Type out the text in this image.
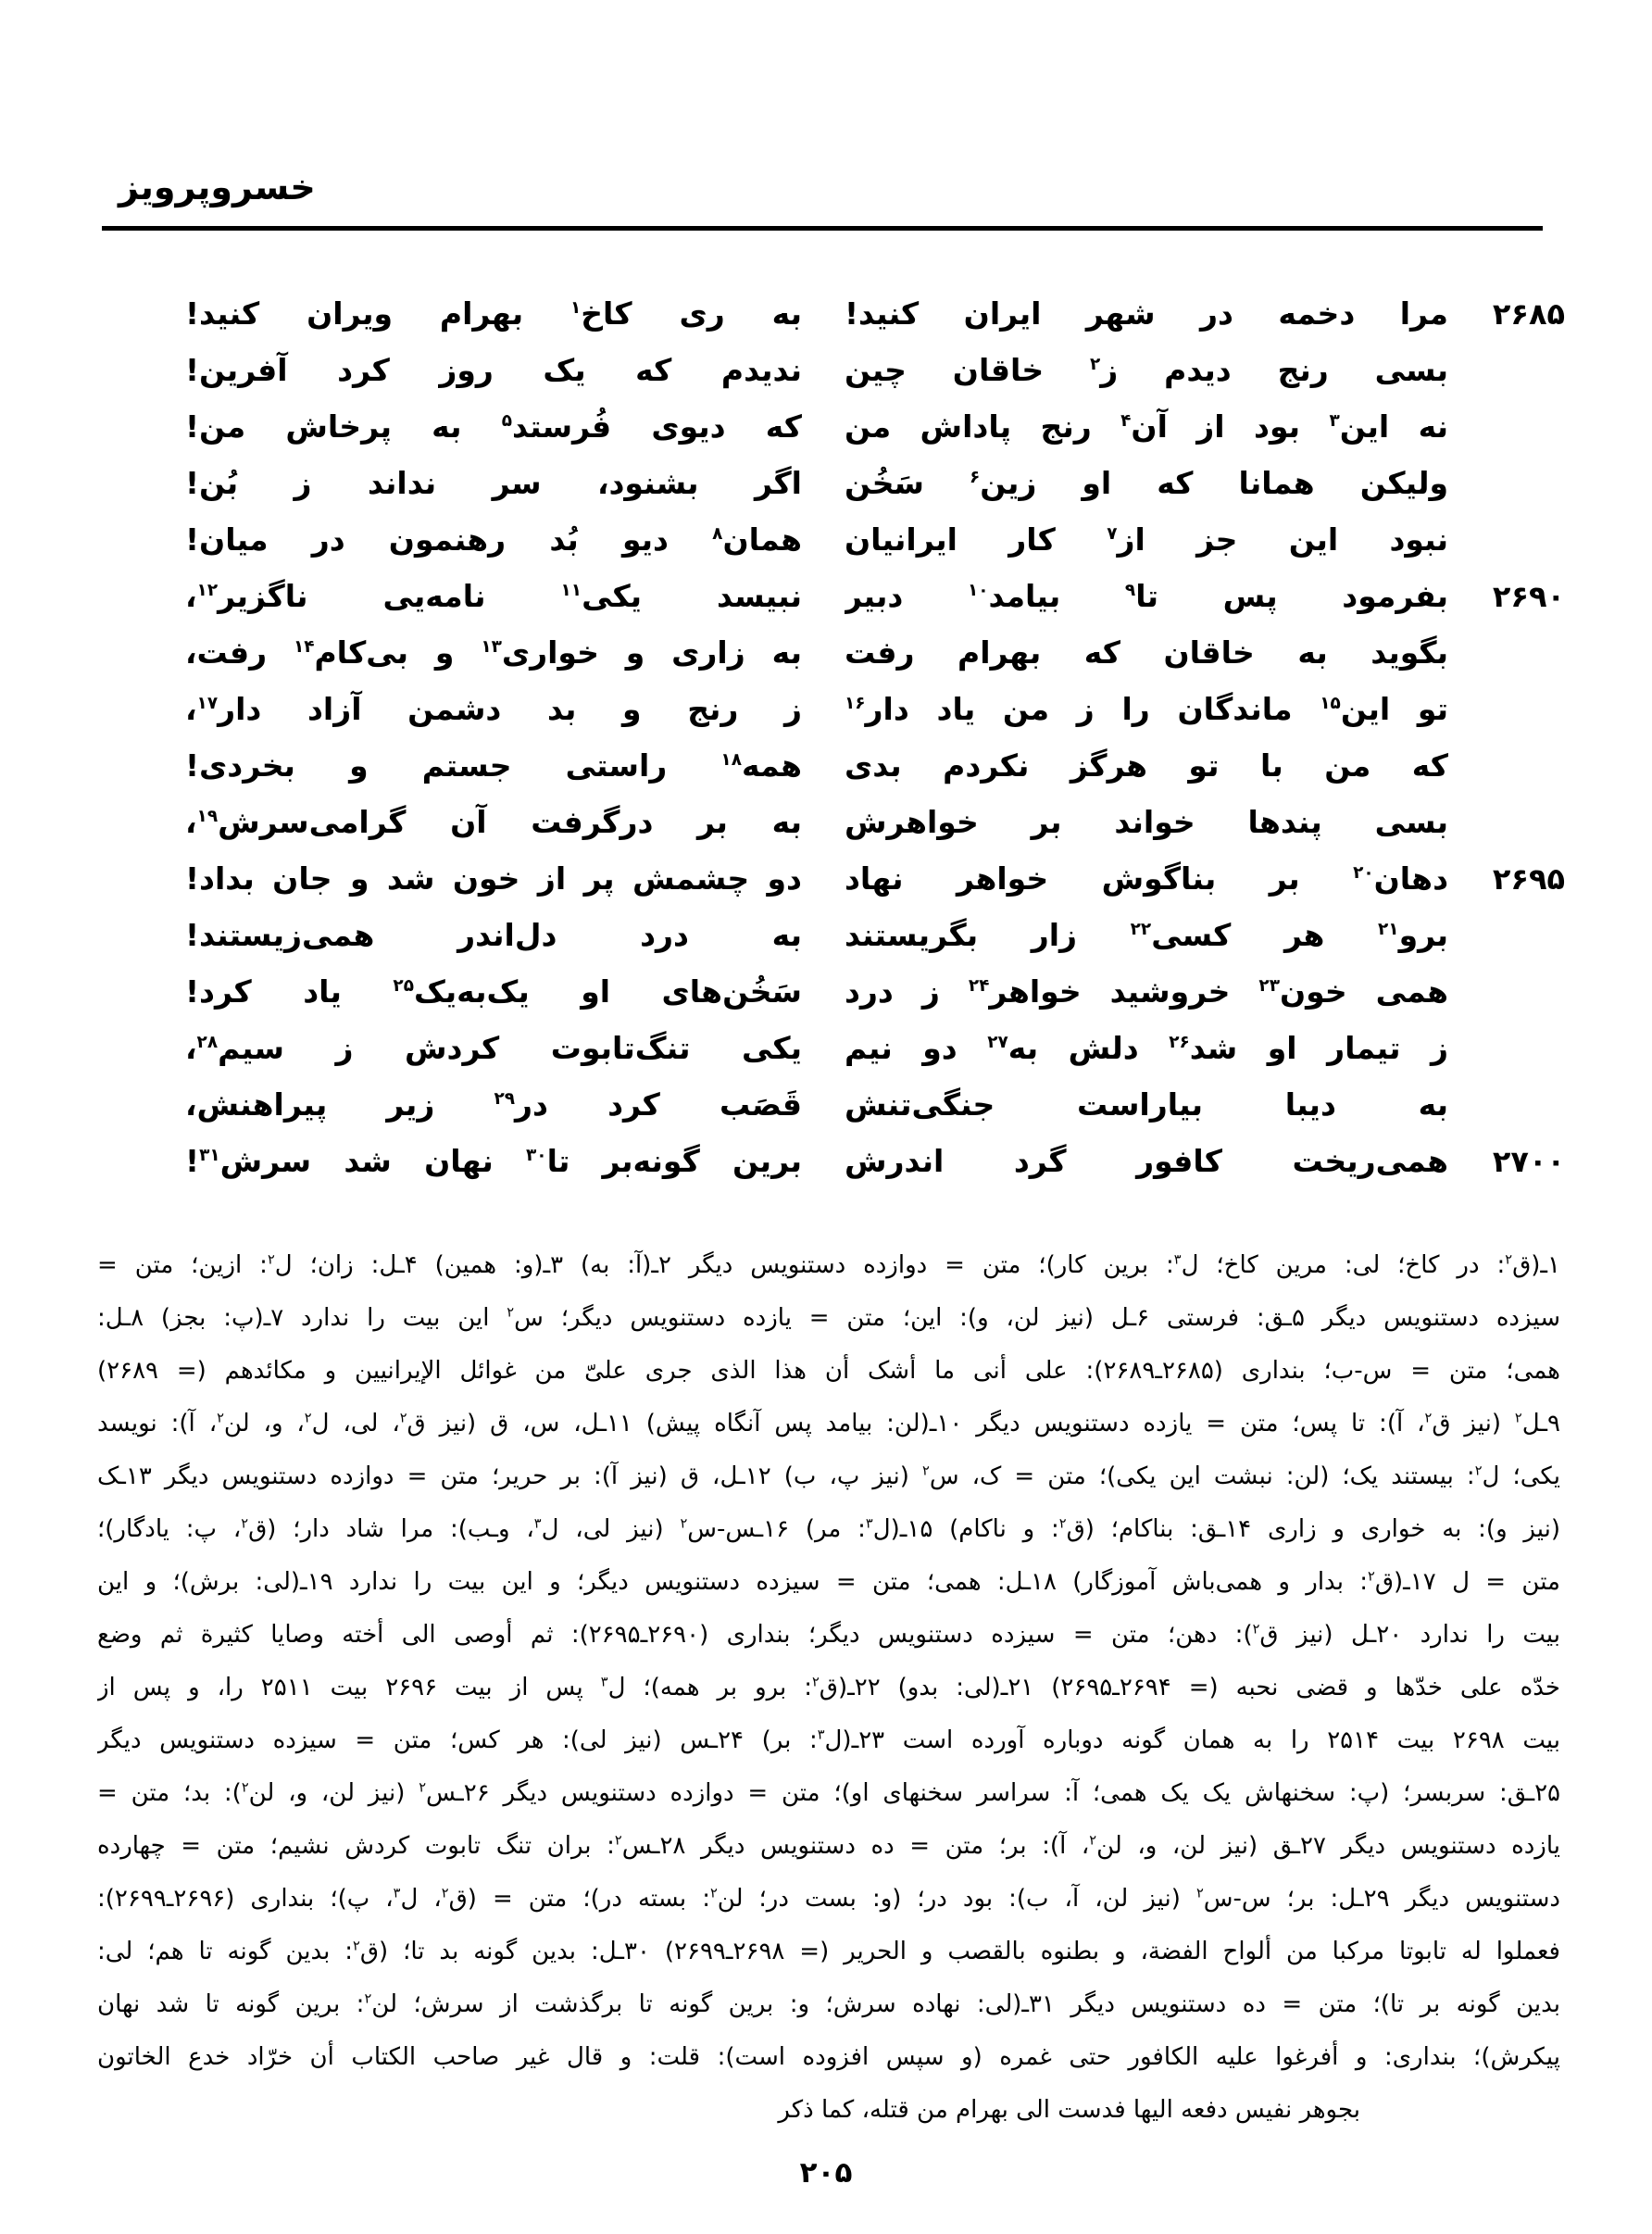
خسروپرویز
۲۶۸۵
مرا دخمه در شهر ایران کنید!
به ری کاخ$^۱$ بهرام ویران کنید!
بسی رنج دیدم ز$^۲$ خاقان چین
ندیدم که یک روز کرد آفرین!
نه این$^۳$ بود از آن$^۴$ رنج پاداش من
که دیوی فُرستد$^۵$ به پرخاش من!
ولیکن همانا که او زین$^۶$ سَخُن
اگر بشنود، سر نداند ز بُن!
نبود این جز از$^۷$ کار ایرانیان
همان$^۸$ دیو بُد رهنمون در میان!
۲۶۹۰
بفرمود پس تا$^۹$ بیامد$^{۱۰}$ دبیر
نبیسد یکی$^{۱۱}$ نامه‌یی ناگزیر$^{۱۲}$،
بگوید به خاقان که بهرام رفت
به زاری و خواری$^{۱۳}$ و بی‌کام$^{۱۴}$ رفت،
تو این$^{۱۵}$ ماندگان را ز من یاد دار$^{۱۶}$
ز رنج و بد دشمن آزاد دار$^{۱۷}$،
که من با تو هرگز نکردم بدی
همه$^{۱۸}$ راستی جستم و بخردی!
بسی پندها خواند بر خواهرش
به بر درگرفت آن گرامی‌سرش$^{۱۹}$،
۲۶۹۵
دهان$^{۲۰}$ بر بناگوش خواهر نهاد
دو چشمش پر از خون شد و جان بداد!
برو$^{۲۱}$ هر کسی$^{۲۲}$ زار بگریستند
به درد دل‌اندر همی‌زیستند!
همی خون$^{۲۳}$ خروشید خواهر$^{۲۴}$ ز درد
سَخُن‌های او یک‌به‌یک$^{۲۵}$ یاد کرد!
ز تیمار او شد$^{۲۶}$ دلش به$^{۲۷}$ دو نیم
یکی تنگ‌تابوت کردش ز سیم$^{۲۸}$،
به دیبا بیاراست جنگی‌تنش
قَصَب کرد در$^{۲۹}$ زیر پیراهنش،
۲۷۰۰
همی‌ریخت کافور گرد اندرش
برین گونه‌بر تا$^{۳۰}$ نهان شد سرش$^{۳۱}$!
۱ـ(ق$^۲$: در کاخ؛ لی: مرین کاخ؛ ل$^۳$: برین کار)؛ متن = دوازده دستنویس دیگر ۲ـ(آ: به) ۳ـ(و: همین) ۴ـل: زان؛ ل$^۲$: ازین؛ متن =
سیزده دستنویس دیگر ۵ـق: فرستی ۶ـل (نیز لن، و): این؛ متن = یازده دستنویس دیگر؛ س$^۲$ این بیت را ندارد ۷ـ(پ: بجز) ۸ـل:
همی؛ متن = س-ب؛ بنداری (۲۶۸۵ـ۲۶۸۹): علی أنی ما أشک أن هذا الذی جری علیّ من غوائل الإیرانیین و مکائدهم (= ۲۶۸۹)
۹ـل$^۲$ (نیز ق$^۲$، آ): تا پس؛ متن = یازده دستنویس دیگر ۱۰ـ(لن: بیامد پس آنگاه پیش) ۱۱ـل، س، ق (نیز ق$^۲$، لی، ل$^۲$، و، لن$^۲$، آ): نویسد
یکی؛ ل$^۲$: بیستند یک؛ (لن: نبشت این یکی)؛ متن = ک، س$^۲$ (نیز پ، ب) ۱۲ـل، ق (نیز آ): بر حریر؛ متن = دوازده دستنویس دیگر ۱۳ـک
(نیز و): به خواری و زاری ۱۴ـق: بناکام؛ (ق$^۲$: و ناکام) ۱۵ـ(ل$^۳$: مر) ۱۶ـس-س$^۲$ (نیز لی، ل$^۳$، وـب): مرا شاد دار؛ (ق$^۲$، پ: یادگار)؛
متن = ل ۱۷ـ(ق$^۲$: بدار و همی‌باش آموزگار) ۱۸ـل: همی؛ متن = سیزده دستنویس دیگر؛ و این بیت را ندارد ۱۹ـ(لی: برش)؛ و این
بیت را ندارد ۲۰ـل (نیز ق$^۲$): دهن؛ متن = سیزده دستنویس دیگر؛ بنداری (۲۶۹۰ـ۲۶۹۵): ثم أوصی الی أخته وصایا کثیرة ثم وضع
خدّه علی خدّها و قضی نحبه (= ۲۶۹۴ـ۲۶۹۵) ۲۱ـ(لی: بدو) ۲۲ـ(ق$^۲$: برو بر همه)؛ ل$^۳$ پس از بیت ۲۶۹۶ بیت ۲۵۱۱ را، و پس از
بیت ۲۶۹۸ بیت ۲۵۱۴ را به همان گونه دوباره آورده است ۲۳ـ(ل$^۳$: بر) ۲۴ـس (نیز لی): هر کس؛ متن = سیزده دستنویس دیگر
۲۵ـق: سربسر؛ (پ: سخنهاش یک یک همی؛ آ: سراسر سخنهای او)؛ متن = دوازده دستنویس دیگر ۲۶ـس$^۲$ (نیز لن، و، لن$^۲$): بد؛ متن =
یازده دستنویس دیگر ۲۷ـق (نیز لن، و، لن$^۲$، آ): بر؛ متن = ده دستنویس دیگر ۲۸ـس$^۲$: بران تنگ تابوت کردش نشیم؛ متن = چهارده
دستنویس دیگر ۲۹ـل: بر؛ س-س$^۲$ (نیز لن، آ، ب): بود در؛ (و: بست در؛ لن$^۲$: بسته در)؛ متن = (ق$^۲$، ل$^۳$، پ)؛ بنداری (۲۶۹۶ـ۲۶۹۹):
فعملوا له تابوتا مرکبا من ألواح الفضة، و بطنوه بالقصب و الحریر (= ۲۶۹۸ـ۲۶۹۹) ۳۰ـل: بدین گونه بد تا؛ (ق$^۲$: بدین گونه تا هم؛ لی:
بدین گونه بر تا)؛ متن = ده دستنویس دیگر ۳۱ـ(لی: نهاده سرش؛ و: برین گونه تا برگذشت از سرش؛ لن$^۲$: برین گونه تا شد نهان
پیکرش)؛ بنداری: و أفرغوا علیه الکافور حتی غمره (و سپس افزوده است): قلت: و قال غیر صاحب الکتاب أن خرّاد خدع الخاتون
بجوهر نفیس دفعه الیها فدست الی بهرام من قتله، کما ذکر
۲۰۵
